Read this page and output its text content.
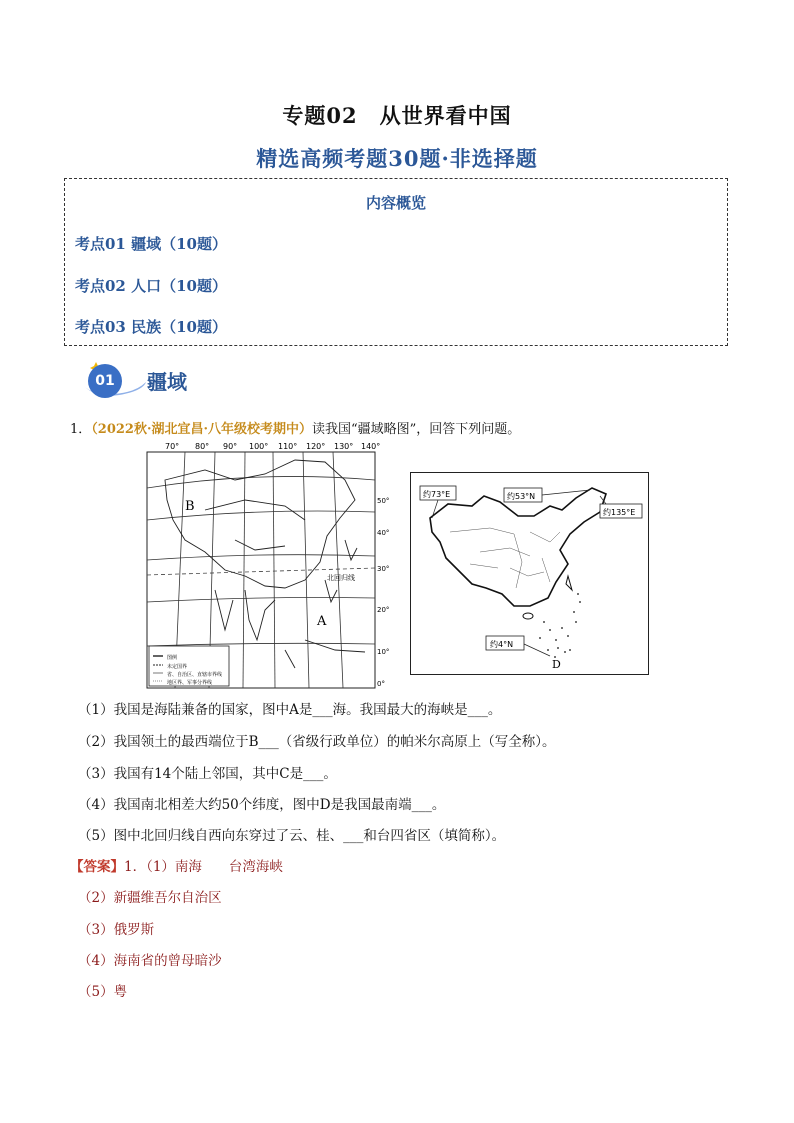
专题02　从世界看中国
精选高频考题30题·非选择题
内容概览
考点01 疆域（10题）
考点02 人口（10题）
考点03 民族（10题）
01	疆域
1．（2022秋·湖北宜昌·八年级校考期中）读我国“疆域略图”，回答下列问题。
70° 80° 90° 100° 110° 120° 130° 140°
北回归线
B
A
50°
40°
30°
20°
10°
0°
图例
未定国界
省、自治区、直辖市界线
地区界、军事分界线
约73°E	约53°N
约135°E
约4°N
D
（1）我国是海陆兼备的国家，图中A是___海。我国最大的海峡是___。
（2）我国领土的最西端位于B___（省级行政单位）的帕米尔高原上（写全称）。
（3）我国有14个陆上邻国，其中C是___。
（4）我国南北相差大约50个纬度，图中D是我国最南端___。
（5）图中北回归线自西向东穿过了云、桂、___和台四省区（填简称）。
【答案】1．（1）南海　　台湾海峡
（2）新疆维吾尔自治区
（3）俄罗斯
（4）海南省的曾母暗沙
（5）粤
